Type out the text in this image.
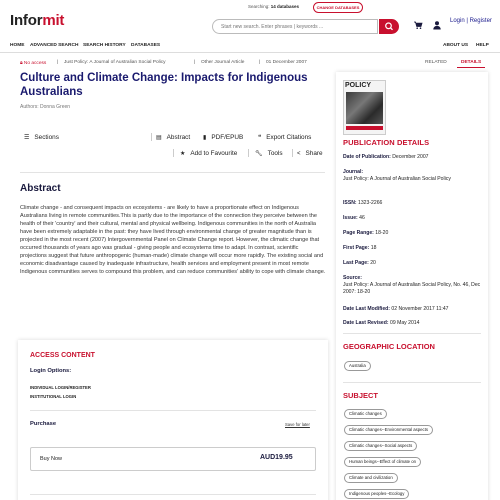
Informit
Searching: 14 databases	CHANGE DATABASES
Start new search. Enter phrases | keywords ...
Login | Register
HOME ADVANCED SEARCH SEARCH HISTORY DATABASES	ABOUT US HELP
🔒︎ No access | Just Policy: A Journal of Australian Social Policy	| Other Journal Article	| 01 December 2007
Culture and Climate Change: Impacts for Indigenous Australians
Authors: Donna Green
☰ Sections	▤ Abstract ▮ PDF/EPUB ❝ Export Citations
★ Add to Favourite	🔧︎ Tools < Share
Abstract
Climate change - and consequent impacts on ecosystems - are likely to have a proportionate effect on Indigenous Australians living in remote communities.This is partly due to the importance of the connection they perceive between the health of their 'country' and their cultural, mental and physical wellbeing. Indigenous communities in the north of Australia have been extremely adaptable in the past: they have lived through environmental change of greater magnitude than is projected in the most recent (2007) Intergovernmental Panel on Climate Change report. However, the climatic change that occurred thousands of years ago was gradual - giving people and ecosystems time to adapt. In contrast, scientific projections suggest that future anthropogenic (human-made) climate change will occur more rapidly. The existing social and economic disadvantage caused by inadequate infrastructure, health services and employment present in most remote Indigenous communities serves to compound this problem, and can reduce communities' ability to cope with climate change.
ACCESS CONTENT
Login Options:
INDIVIDUAL LOGIN/REGISTER
INSTITUTIONAL LOGIN
Purchase	Save for later
Buy Now	AUD19.95
RELATED	DETAILS
POLICY
PUBLICATION DETAILS
Date of Publication: December 2007
Journal:
Just Policy: A Journal of Australian Social Policy
ISSN: 1323-2266
Issue: 46
Page Range: 18-20
First Page: 18
Last Page: 20
Source:
Just Policy: A Journal of Australian Social Policy, No. 46, Dec 2007: 18-20
Date Last Modified: 02 November 2017 11:47
Date Last Revised: 09 May 2014
GEOGRAPHIC LOCATION
Australia
SUBJECT
Climatic changes
Climatic changes--Environmental aspects
Climatic changes--Social aspects
Human beings--Effect of climate on
Climate and civilization
Indigenous peoples--Ecology
